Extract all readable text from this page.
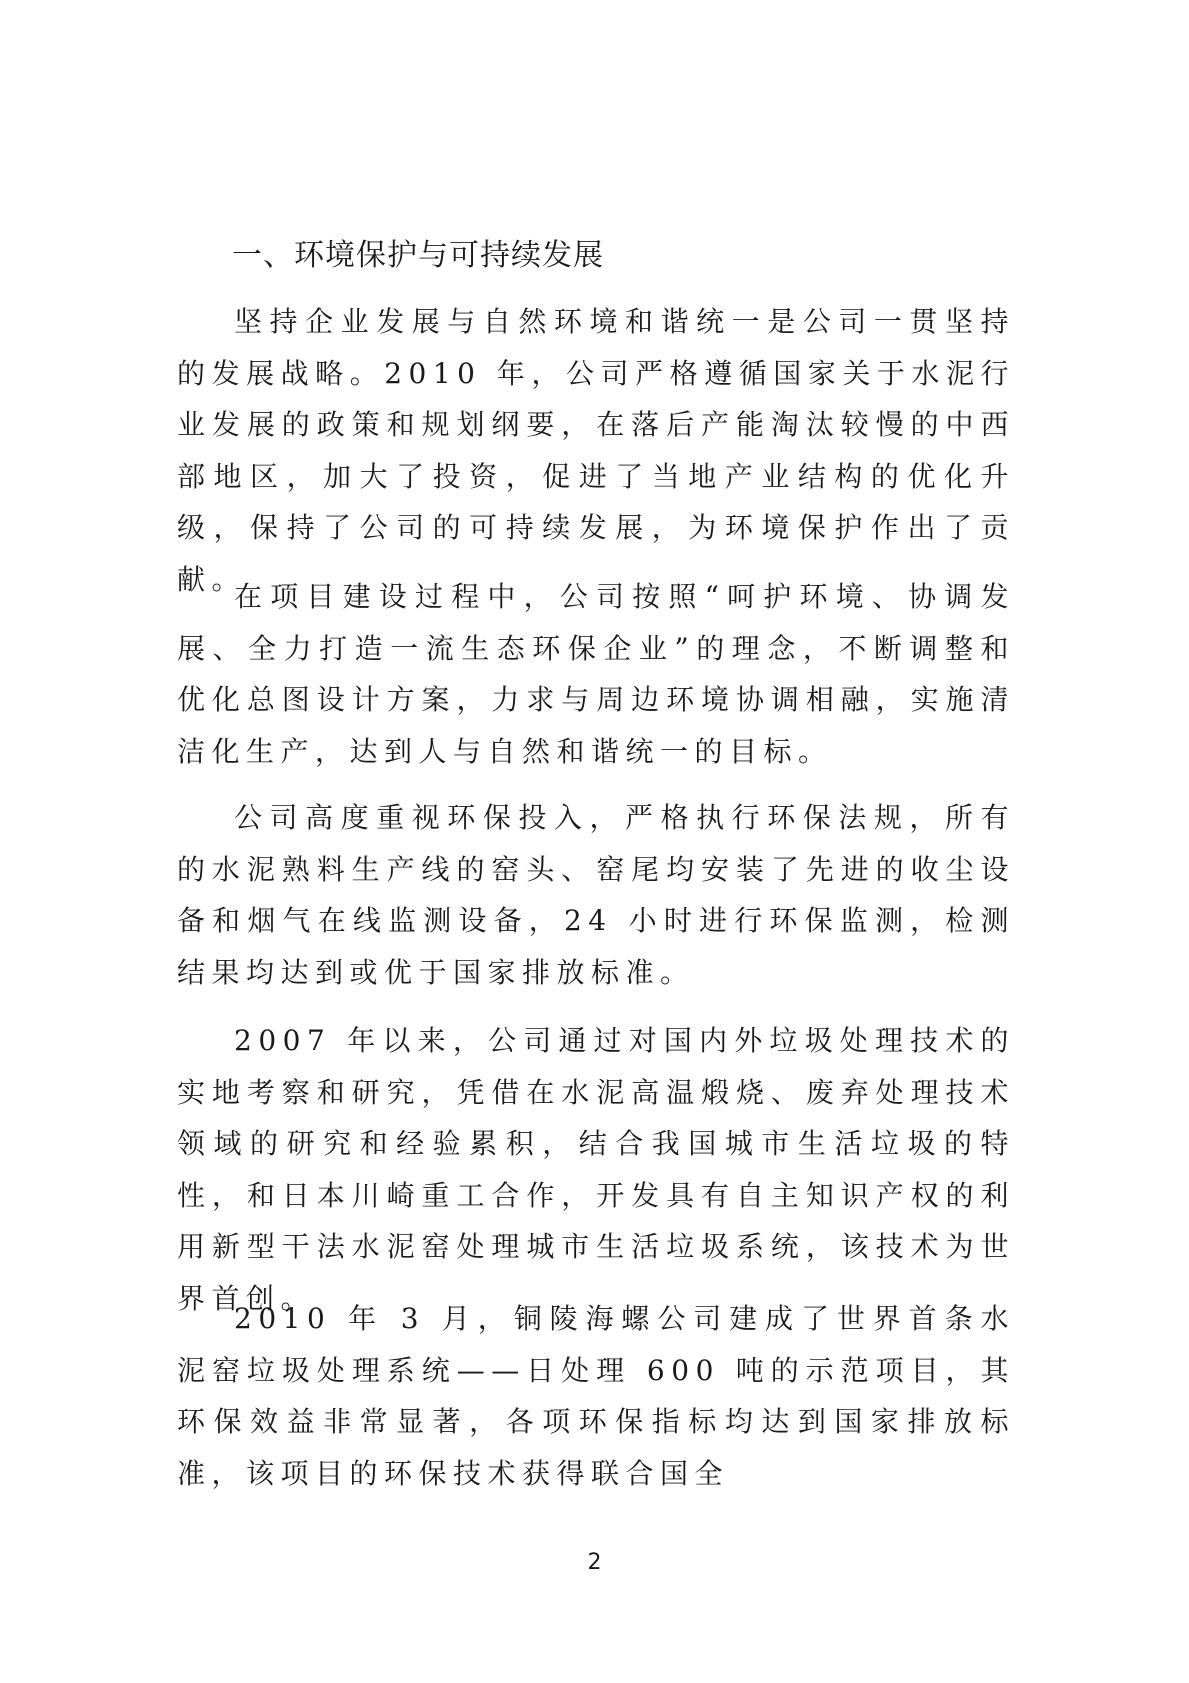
一、环境保护与可持续发展

坚持企业发展与自然环境和谐统一是公司一贯坚持的发展战略。2010 年，公司严格遵循国家关于水泥行业发展的政策和规划纲要，在落后产能淘汰较慢的中西部地区，加大了投资，促进了当地产业结构的优化升级，保持了公司的可持续发展，为环境保护作出了贡献。

在项目建设过程中，公司按照“呵护环境、协调发展、全力打造一流生态环保企业”的理念，不断调整和优化总图设计方案，力求与周边环境协调相融，实施清洁化生产，达到人与自然和谐统一的目标。

公司高度重视环保投入，严格执行环保法规，所有的水泥熟料生产线的窑头、窑尾均安装了先进的收尘设备和烟气在线监测设备，24 小时进行环保监测，检测结果均达到或优于国家排放标准。

2007 年以来，公司通过对国内外垃圾处理技术的实地考察和研究，凭借在水泥高温煅烧、废弃处理技术领域的研究和经验累积，结合我国城市生活垃圾的特性，和日本川崎重工合作，开发具有自主知识产权的利用新型干法水泥窑处理城市生活垃圾系统，该技术为世界首创。

2010 年 3 月，铜陵海螺公司建成了世界首条水泥窑垃圾处理系统——日处理 600 吨的示范项目，其环保效益非常显著，各项环保指标均达到国家排放标准，该项目的环保技术获得联合国全

2
